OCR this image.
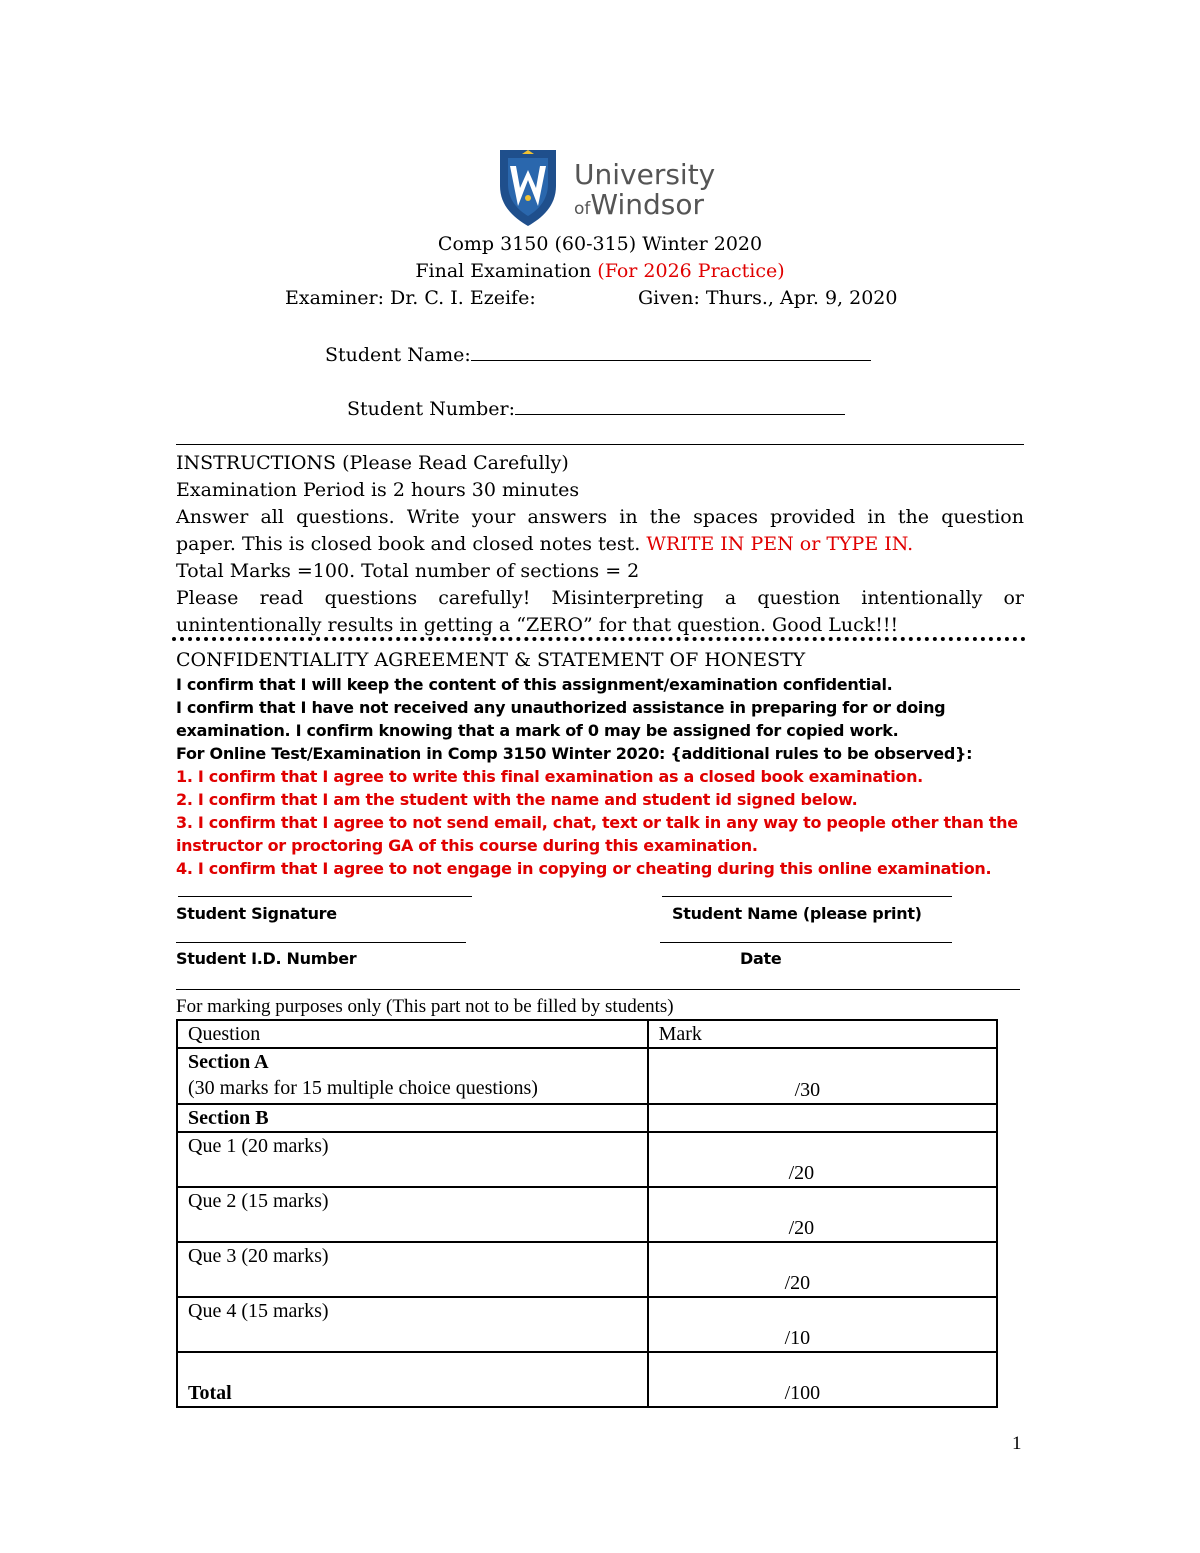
University
ofWindsor
Comp 3150 (60-315) Winter 2020
Final Examination (For 2026 Practice)
Examiner: Dr. C. I. Ezeife:	Given: Thurs., Apr. 9, 2020
Student Name:
Student Number:
INSTRUCTIONS (Please Read Carefully)
Examination Period is 2 hours 30 minutes
Answer all questions. Write your answers in the spaces provided in the question
paper. This is closed book and closed notes test. WRITE IN PEN or TYPE IN.
Total Marks =100. Total number of sections = 2
Please read questions carefully! Misinterpreting a question intentionally or
unintentionally results in getting a “ZERO” for that question. Good Luck!!!
CONFIDENTIALITY AGREEMENT & STATEMENT OF HONESTY
I confirm that I will keep the content of this assignment/examination confidential.
I confirm that I have not received any unauthorized assistance in preparing for or doing
examination. I confirm knowing that a mark of 0 may be assigned for copied work.
For Online Test/Examination in Comp 3150 Winter 2020: {additional rules to be observed}:
1. I confirm that I agree to write this final examination as a closed book examination.
2. I confirm that I am the student with the name and student id signed below.
3. I confirm that I agree to not send email, chat, text or talk in any way to people other than the
instructor or proctoring GA of this course during this examination.
4. I confirm that I agree to not engage in copying or cheating during this online examination.
Student Signature	Student Name (please print)
Student I.D. Number	Date
For marking purposes only (This part not to be filled by students)
Question	Mark

Section A
(30 marks for 15 multiple choice questions)	/30
Section B	
Que 1 (20 marks)	/20
Que 2 (15 marks)	/20
Que 3 (20 marks)	/20
Que 4 (15 marks)	/10
Total	/100
1
